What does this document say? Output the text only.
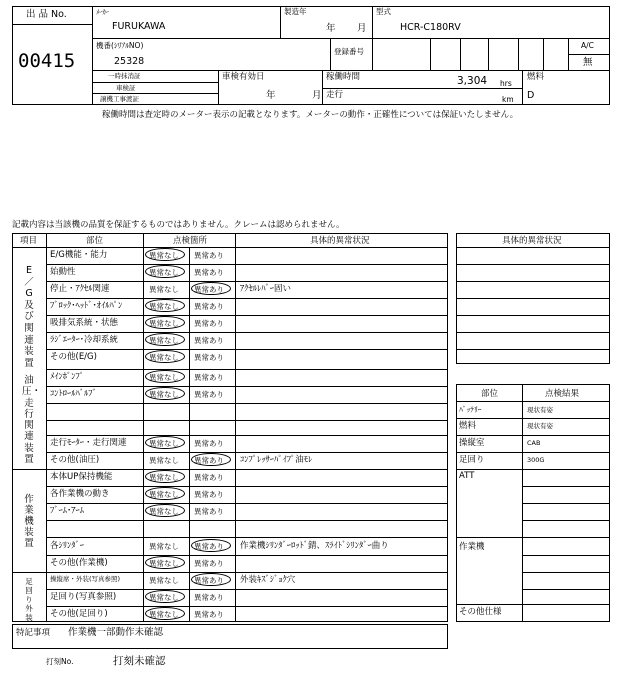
出 品 No.
00415
ﾒｰｶｰ
FURUKAWA
製造年
年 月
型式
HCR-C180RV
A/C
無
機番(ｼﾘｱﾙNO)
25328
登録番号
一時抹消証
車検証
譲機工事渡証
車検有効日
年	月
稼働時間	3,304 hrs
走行	km
燃料
D
稼働時間は査定時のメーター表示の記載となります。メーターの動作・正確性については保証いたしません。
記載内容は当該機の品質を保証するものではありません。クレームは認められません。
項目	部位	点検箇所	具体的異常状況
E／G及び関連装置
油圧・走行関連装置
作業機装置
足回り外装
E/G機能・能力	異常なし 異常あり
始動性	異常なし 異常あり
停止・ｱｸｾﾙ関連	異常なし 異常あり ｱｸｾﾙﾚﾊﾞｰ固い
ﾌﾞﾛｯｸ･ﾍｯﾄﾞ･ｵｲﾙﾊﾟﾝ	異常なし 異常あり
吸排気系統・状態	異常なし 異常あり
ﾗｼﾞｴｰﾀｰ･冷却系統	異常なし 異常あり
その他(E/G)	異常なし 異常あり
ﾒｲﾝﾎﾟﾝﾌﾟ	異常なし 異常あり
ｺﾝﾄﾛｰﾙﾊﾞﾙﾌﾞ	異常なし 異常あり
走行ﾓｰﾀｰ・走行関連	異常なし 異常あり
その他(油圧)	異常なし 異常あり ｺﾝﾌﾟﾚｯｻｰﾊﾟｲﾌﾟ油ﾓﾚ
本体UP保持機能	異常なし 異常あり
各作業機の動き	異常なし 異常あり
ﾌﾞｰﾑ･ｱｰﾑ	異常なし 異常あり
各ｼﾘﾝﾀﾞｰ	異常なし 異常あり 作業機ｼﾘﾝﾀﾞｰﾛｯﾄﾞ錆、ｽﾗｲﾄﾞｼﾘﾝﾀﾞｰ曲り
その他(作業機)	異常なし 異常あり
操縦席・外装(写真参照)	異常なし 異常あり 外装ｷｽﾞｼﾞｮｸ穴
足回り(写真参照)	異常なし 異常あり
その他(足回り)	異常なし 異常あり
特記事項 作業機一部動作未確認
打刻No.	打刻未確認
具体的異常状況
部位	点検結果
ﾊﾞｯﾃﾘｰ	現状有姿
燃料	現状有姿
操縦室	CAB
足回り	300G
ATT
作業機
その他仕様
